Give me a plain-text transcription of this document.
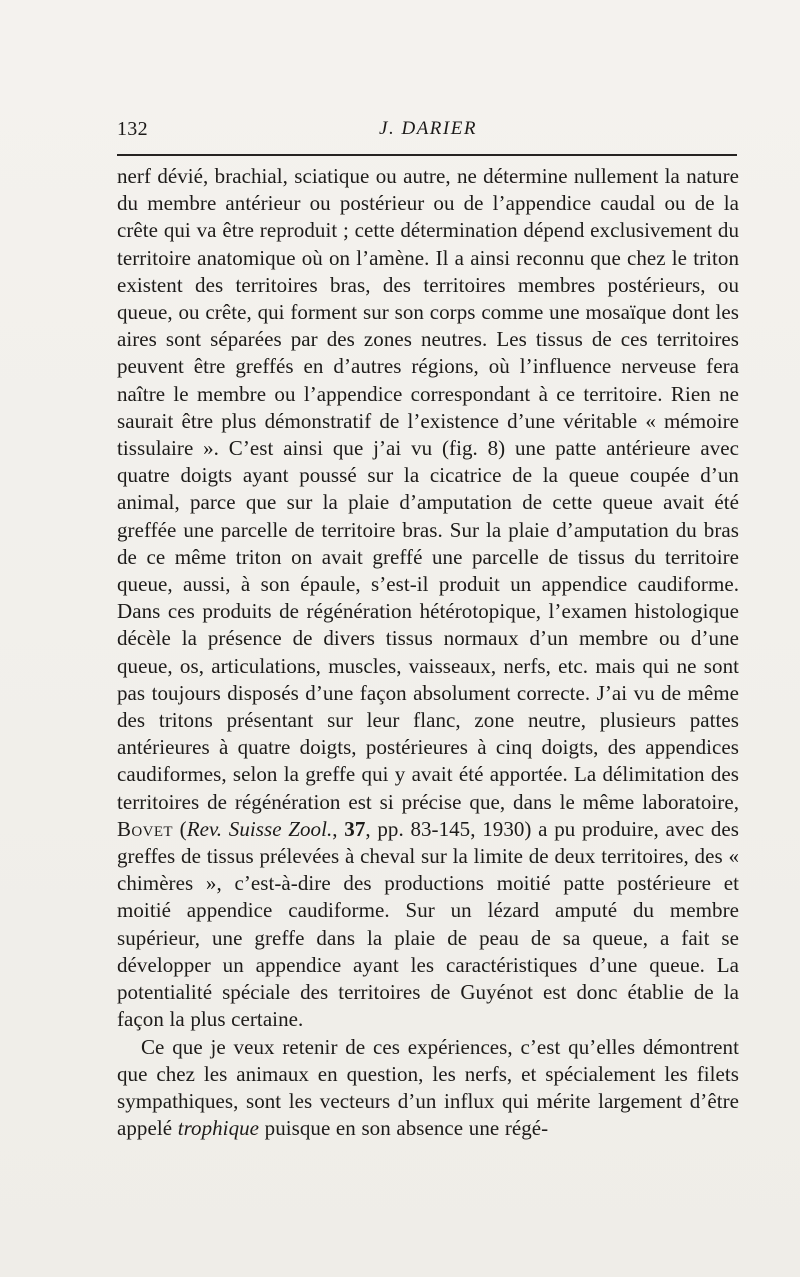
132	J. DARIER

nerf dévié, brachial, sciatique ou autre, ne détermine nullement la nature du membre antérieur ou postérieur ou de l’appendice caudal ou de la crête qui va être reproduit ; cette détermination dépend exclusivement du territoire anatomique où on l’amène. Il a ainsi reconnu que chez le triton existent des territoires bras, des territoires membres postérieurs, ou queue, ou crête, qui forment sur son corps comme une mosaïque dont les aires sont séparées par des zones neutres. Les tissus de ces territoires peuvent être greffés en d’autres régions, où l’influence nerveuse fera naître le membre ou l’appendice correspondant à ce territoire. Rien ne saurait être plus démonstratif de l’existence d’une véritable « mémoire tissulaire ». C’est ainsi que j’ai vu (fig. 8) une patte antérieure avec quatre doigts ayant poussé sur la cicatrice de la queue coupée d’un animal, parce que sur la plaie d’amputation de cette queue avait été greffée une parcelle de territoire bras. Sur la plaie d’amputation du bras de ce même triton on avait greffé une parcelle de tissus du territoire queue, aussi, à son épaule, s’est-il produit un appendice caudiforme. Dans ces produits de régénération hétérotopique, l’examen histologique décèle la présence de divers tissus normaux d’un membre ou d’une queue, os, articulations, muscles, vaisseaux, nerfs, etc. mais qui ne sont pas toujours disposés d’une façon absolument correcte. J’ai vu de même des tritons présentant sur leur flanc, zone neutre, plusieurs pattes antérieures à quatre doigts, postérieures à cinq doigts, des appendices caudiformes, selon la greffe qui y avait été apportée. La délimitation des territoires de régénération est si précise que, dans le même laboratoire, Bovet (Rev. Suisse Zool., 37, pp. 83-145, 1930) a pu produire, avec des greffes de tissus prélevées à cheval sur la limite de deux territoires, des « chimères », c’est-à-dire des productions moitié patte postérieure et moitié appendice caudiforme. Sur un lézard amputé du membre supérieur, une greffe dans la plaie de peau de sa queue, a fait se développer un appendice ayant les caractéristiques d’une queue. La potentialité spéciale des territoires de Guyénot est donc établie de la façon la plus certaine.

Ce que je veux retenir de ces expériences, c’est qu’elles démontrent que chez les animaux en question, les nerfs, et spécialement les filets sympathiques, sont les vecteurs d’un influx qui mérite largement d’être appelé trophique puisque en son absence une régé-
